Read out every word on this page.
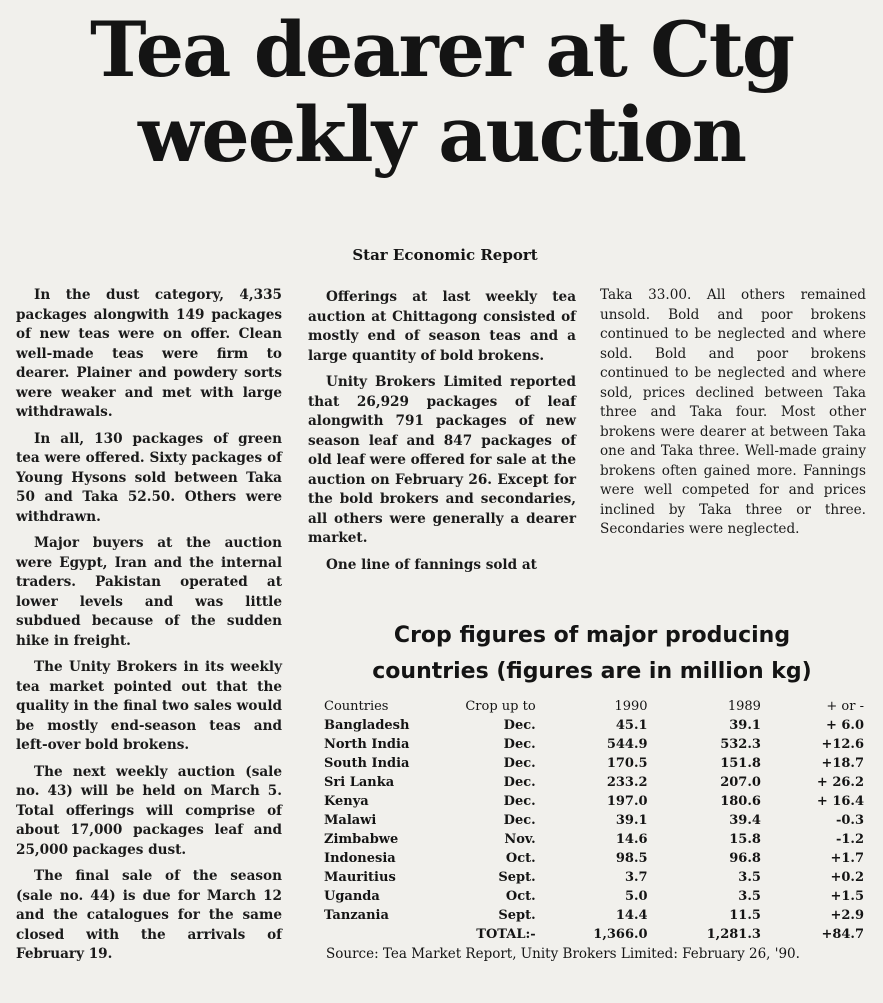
Tea dearer at Ctg
weekly auction
Star Economic Report

In the dust category, 4,335 packages alongwith 149 packages of new teas were on offer. Clean well-made teas were firm to dearer. Plainer and powdery sorts were weaker and met with large withdrawals.

In all, 130 packages of green tea were offered. Sixty packages of Young Hysons sold between Taka 50 and Taka 52.50. Others were withdrawn.

Major buyers at the auction were Egypt, Iran and the internal traders. Pakistan operated at lower levels and was little subdued because of the sudden hike in freight.

The Unity Brokers in its weekly tea market pointed out that the quality in the final two sales would be mostly end-season teas and left-over bold brokens.

The next weekly auction (sale no. 43) will be held on March 5. Total offerings will comprise of about 17,000 packages leaf and 25,000 packages dust.

The final sale of the season (sale no. 44) is due for March 12 and the catalogues for the same closed with the arrivals of February 19.

Offerings at last weekly tea auction at Chittagong consisted of mostly end of season teas and a large quantity of bold brokens.

Unity Brokers Limited reported that 26,929 packages of leaf alongwith 791 packages of new season leaf and 847 packages of old leaf were offered for sale at the auction on February 26. Except for the bold brokers and secondaries, all others were generally a dearer market.

One line of fannings sold at

Taka 33.00. All others remained unsold. Bold and poor brokens continued to be neglected and where sold. Bold and poor brokens continued to be neglected and where sold, prices declined between Taka three and Taka four. Most other brokens were dearer at between Taka one and Taka three. Well-made grainy brokens often gained more. Fannings were well competed for and prices inclined by Taka three or three. Secondaries were neglected.

Crop figures of major producing
countries (figures are in million kg)
Countries	Crop up to	1990	1989	+ or -
Bangladesh	Dec.	45.1	39.1	+ 6.0
North India	Dec.	544.9	532.3	+12.6
South India	Dec.	170.5	151.8	+18.7
Sri Lanka	Dec.	233.2	207.0	+ 26.2
Kenya	Dec.	197.0	180.6	+ 16.4
Malawi	Dec.	39.1	39.4	-0.3
Zimbabwe	Nov.	14.6	15.8	-1.2
Indonesia	Oct.	98.5	96.8	+1.7
Mauritius	Sept.	3.7	3.5	+0.2
Uganda	Oct.	5.0	3.5	+1.5
Tanzania	Sept.	14.4	11.5	+2.9
	TOTAL:-	1,366.0	1,281.3	+84.7
Source: Tea Market Report, Unity Brokers Limited: February 26, '90.
